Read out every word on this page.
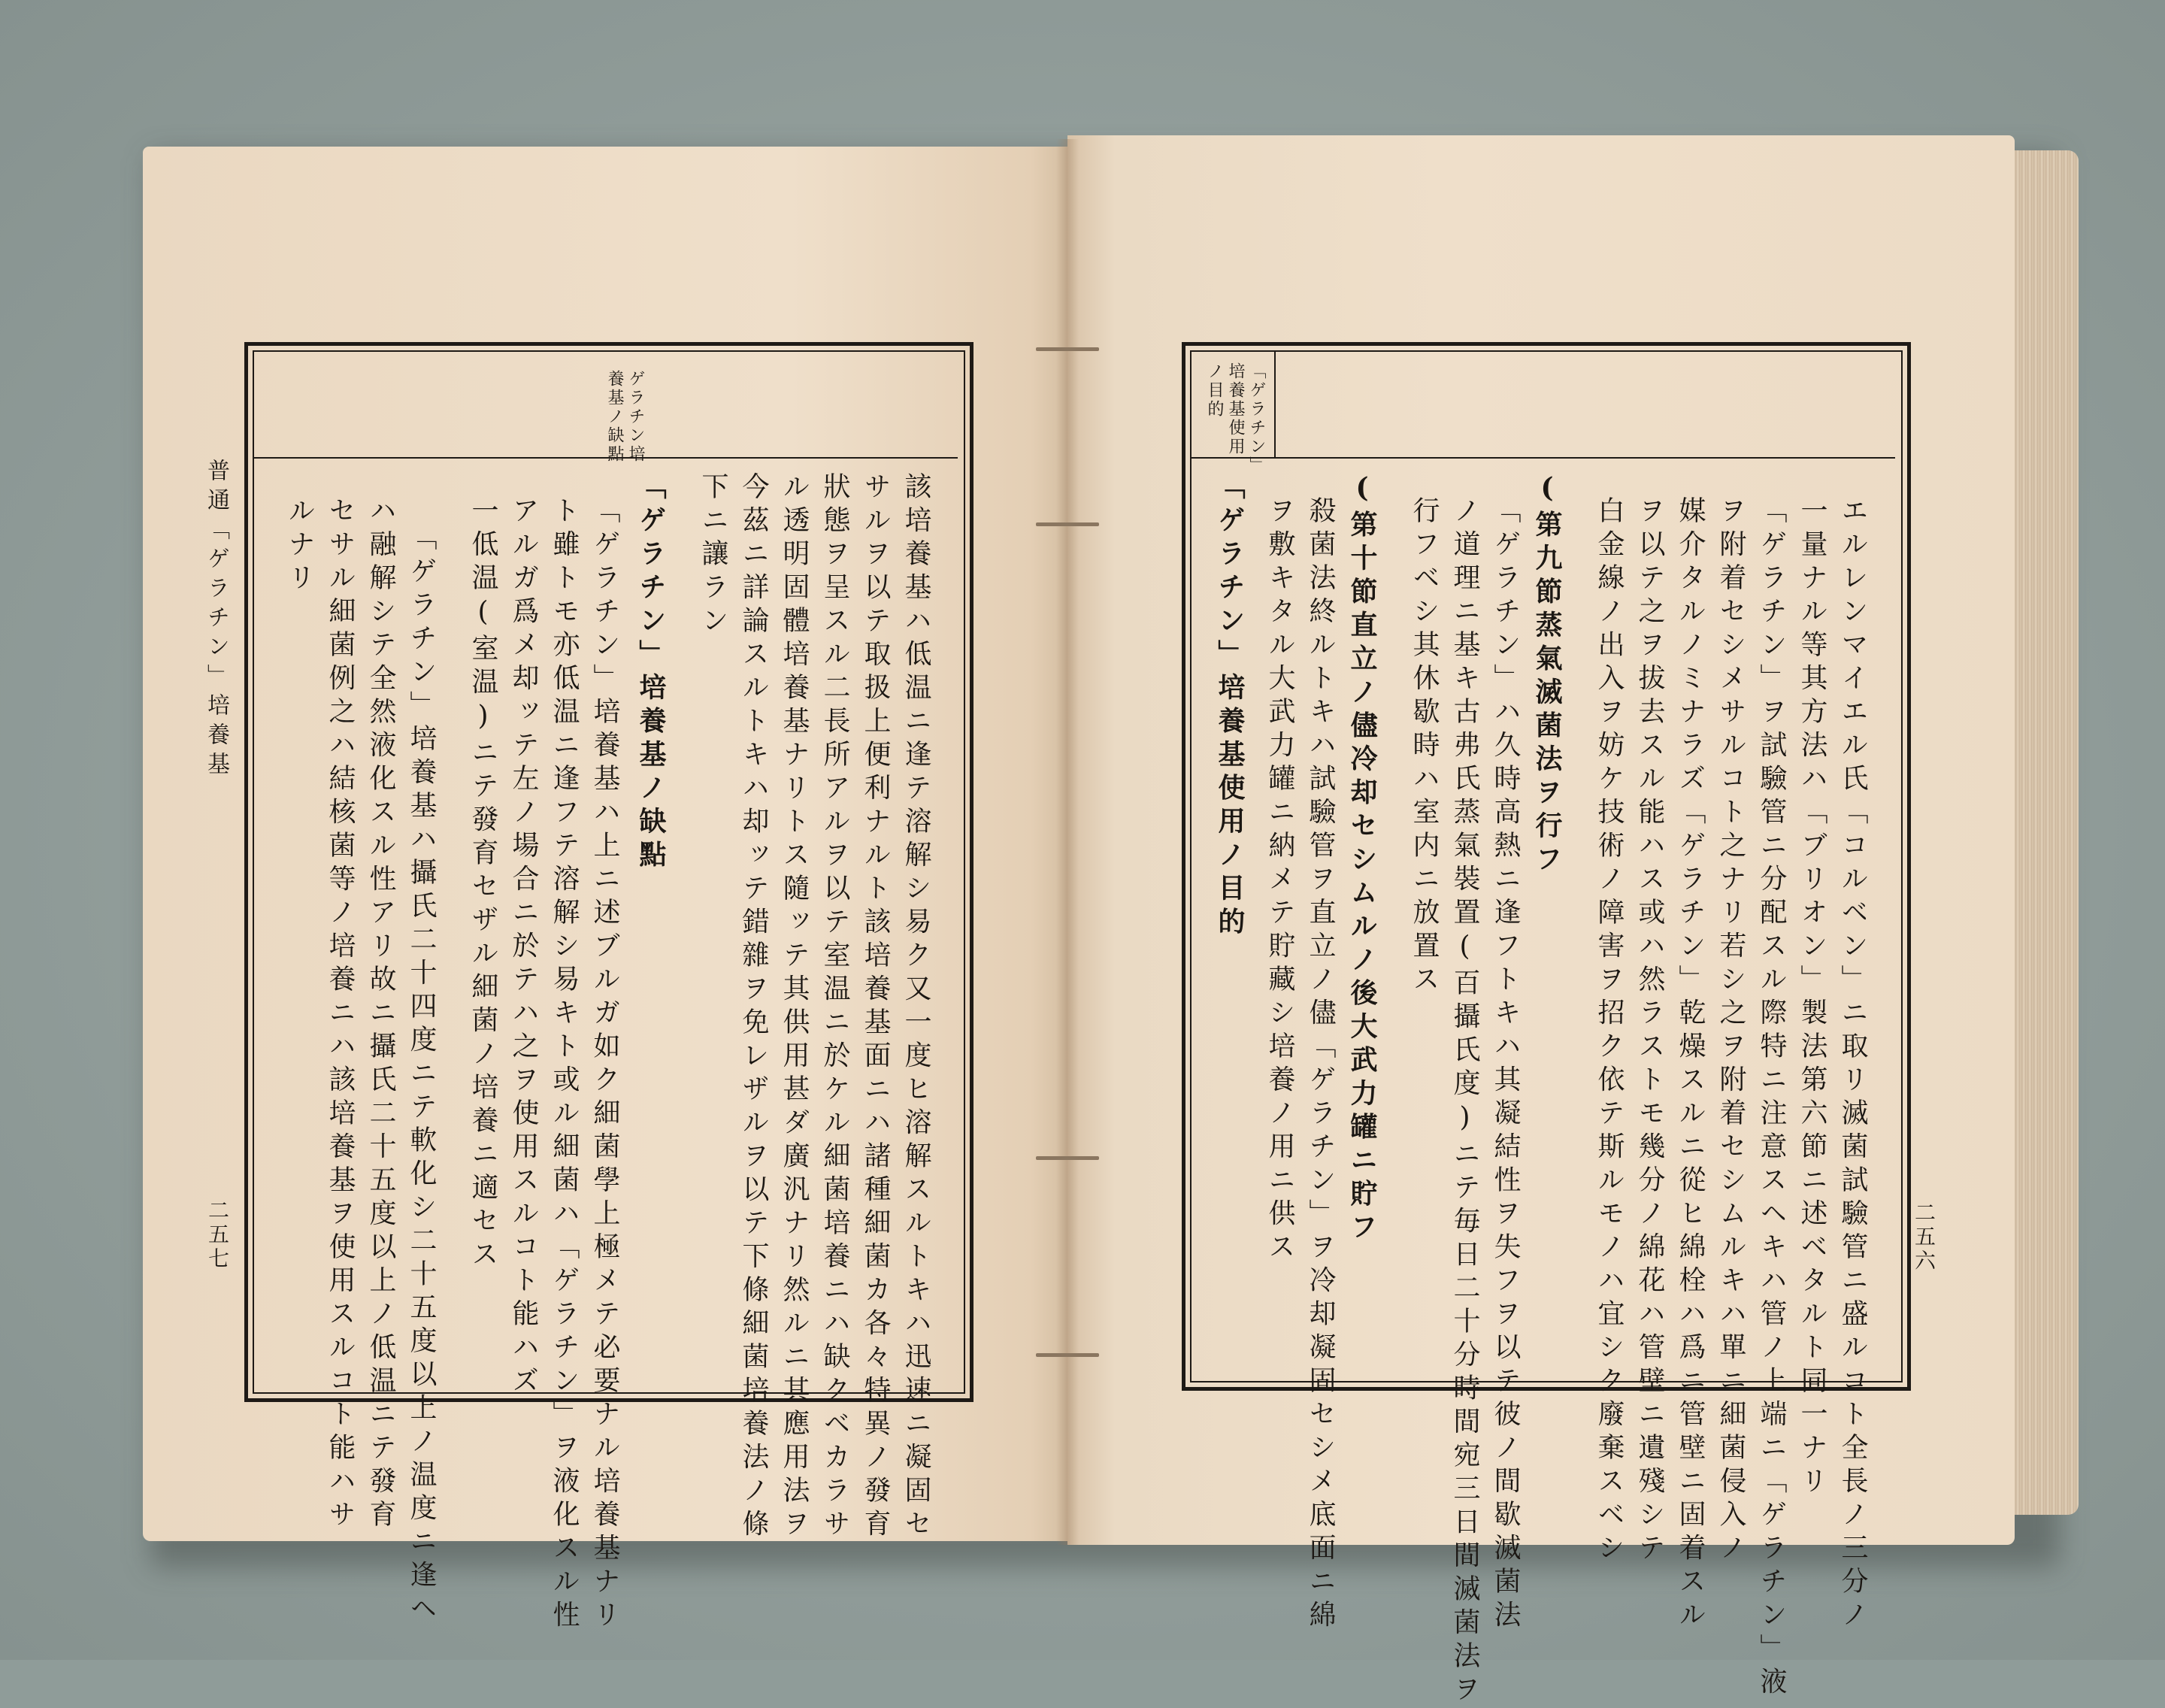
普通「ゲラチン」培養基
二五七
ゲラチン培
養基ノ缺點
該培養基ハ低温ニ逢テ溶解シ易ク又一度ヒ溶解スルトキハ迅速ニ凝固セ
サルヲ以テ取扱上便利ナルト該培養基面ニハ諸種細菌カ各々特異ノ發育
狀態ヲ呈スル二長所アルヲ以テ室温ニ於ケル細菌培養ニハ缺クベカラサ
ル透明固體培養基ナリトス隨ッテ其供用甚ダ廣汎ナリ然ルニ其應用法ヲ
今茲ニ詳論スルトキハ却ッテ錯雜ヲ免レザルヲ以テ下條細菌培養法ノ條
下ニ讓ラン
「ゲラチン」培養基ノ缺點
「ゲラチン」培養基ハ上ニ述ブルガ如ク細菌學上極メテ必要ナル培養基ナリ
ト雖トモ亦低温ニ逢フテ溶解シ易キト或ル細菌ハ「ゲラチン」ヲ液化スル性
アルガ爲メ却ッテ左ノ場合ニ於テハ之ヲ使用スルコト能ハズ
一低温(室温)ニテ發育セザル細菌ノ培養ニ適セス
「ゲラチン」培養基ハ攝氏二十四度ニテ軟化シ二十五度以上ノ温度ニ逢ヘ
ハ融解シテ全然液化スル性アリ故ニ攝氏二十五度以上ノ低温ニテ發育
セサル細菌例之ハ結核菌等ノ培養ニハ該培養基ヲ使用スルコト能ハサ
ルナリ
二五六
「ゲラチン」
培養基使用
ノ目的
エルレンマイエル氏「コルベン」ニ取リ滅菌試驗管ニ盛ルコト全長ノ三分ノ
一量ナル等其方法ハ「ブリオン」製法第六節ニ述ベタルト同一ナリ
「ゲラチン」ヲ試驗管ニ分配スル際特ニ注意スヘキハ管ノ上端ニ「ゲラチン」液
ヲ附着セシメサルコト之ナリ若シ之ヲ附着セシムルキハ單ニ細菌侵入ノ
媒介タルノミナラズ「ゲラチン」乾燥スルニ從ヒ綿栓ハ爲ニ管壁ニ固着スル
ヲ以テ之ヲ拔去スル能ハス或ハ然ラストモ幾分ノ綿花ハ管壁ニ遺殘シテ
白金線ノ出入ヲ妨ケ技術ノ障害ヲ招ク依テ斯ルモノハ宜シク廢棄スベシ
(第九節蒸氣滅菌法ヲ行フ
「ゲラチン」ハ久時高熱ニ逢フトキハ其凝結性ヲ失フヲ以テ彼ノ間歇滅菌法
ノ道理ニ基キ古弗氏蒸氣裝置(百攝氏度)ニテ毎日二十分時間宛三日間滅菌法ヲ
行フベシ其休歇時ハ室内ニ放置ス
(第十節直立ノ儘冷却セシムルノ後大武力罐ニ貯フ
殺菌法終ルトキハ試驗管ヲ直立ノ儘「ゲラチン」ヲ冷却凝固セシメ底面ニ綿
ヲ敷キタル大武力罐ニ納メテ貯藏シ培養ノ用ニ供ス
「ゲラチン」培養基使用ノ目的
